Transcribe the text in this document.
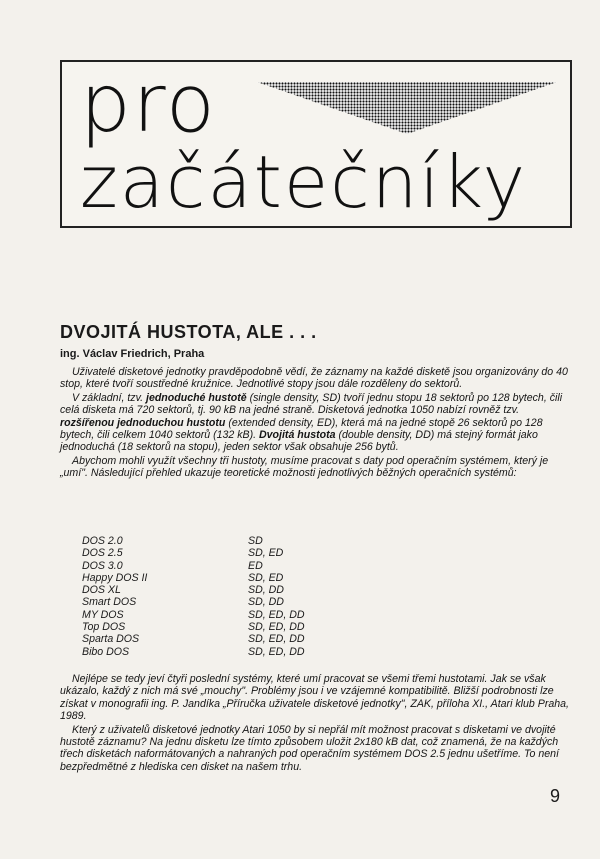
pro
začátečníky
DVOJITÁ HUSTOTA, ALE . . .

ing. Václav Friedrich, Praha

Uživatelé disketové jednotky pravděpodobně vědí, že záznamy na každé disketě jsou organizovány do 40 stop, které tvoří soustředné kružnice. Jednotlivé stopy jsou dále rozděleny do sektorů.

V základní, tzv. jednoduché hustotě (single density, SD) tvoří jednu stopu 18 sektorů po 128 bytech, čili celá disketa má 720 sektorů, tj. 90 kB na jedné straně. Disketová jednotka 1050 nabízí rovněž tzv. rozšířenou jednoduchou hustotu (extended density, ED), která má na jedné stopě 26 sektorů po 128 bytech, čili celkem 1040 sektorů (132 kB). Dvojitá hustota (double density, DD) má stejný formát jako jednoduchá (18 sektorů na stopu), jeden sektor však obsahuje 256 bytů.

Abychom mohli využít všechny tři hustoty, musíme pracovat s daty pod operačním systémem, který je „umí". Následující přehled ukazuje teoretické možnosti jednotlivých běžných operačních systémů:

DOS 2.0	SD
DOS 2.5	SD, ED
DOS 3.0	ED
Happy DOS II	SD, ED
DOS XL	SD, DD
Smart DOS	SD, DD
MY DOS	SD, ED, DD
Top DOS	SD, ED, DD
Sparta DOS	SD, ED, DD
Bibo DOS	SD, ED, DD

Nejlépe se tedy jeví čtyři poslední systémy, které umí pracovat se všemi třemi hustotami. Jak se však ukázalo, každý z nich má své „mouchy". Problémy jsou i ve vzájemné kompatibilitě. Bližší podrobnosti lze získat v monografii ing. P. Jandíka „Příručka uživatele disketové jednotky", ZAK, příloha XI., Atari klub Praha, 1989.

Který z uživatelů disketové jednotky Atari 1050 by si nepřál mít možnost pracovat s disketami ve dvojité hustotě záznamu? Na jednu disketu lze tímto způsobem uložit 2x180 kB dat, což znamená, že na každých třech disketách naformátovaných a nahraných pod operačním systémem DOS 2.5 jednu ušetříme. To není bezpředmětné z hlediska cen disket na našem trhu.

9
